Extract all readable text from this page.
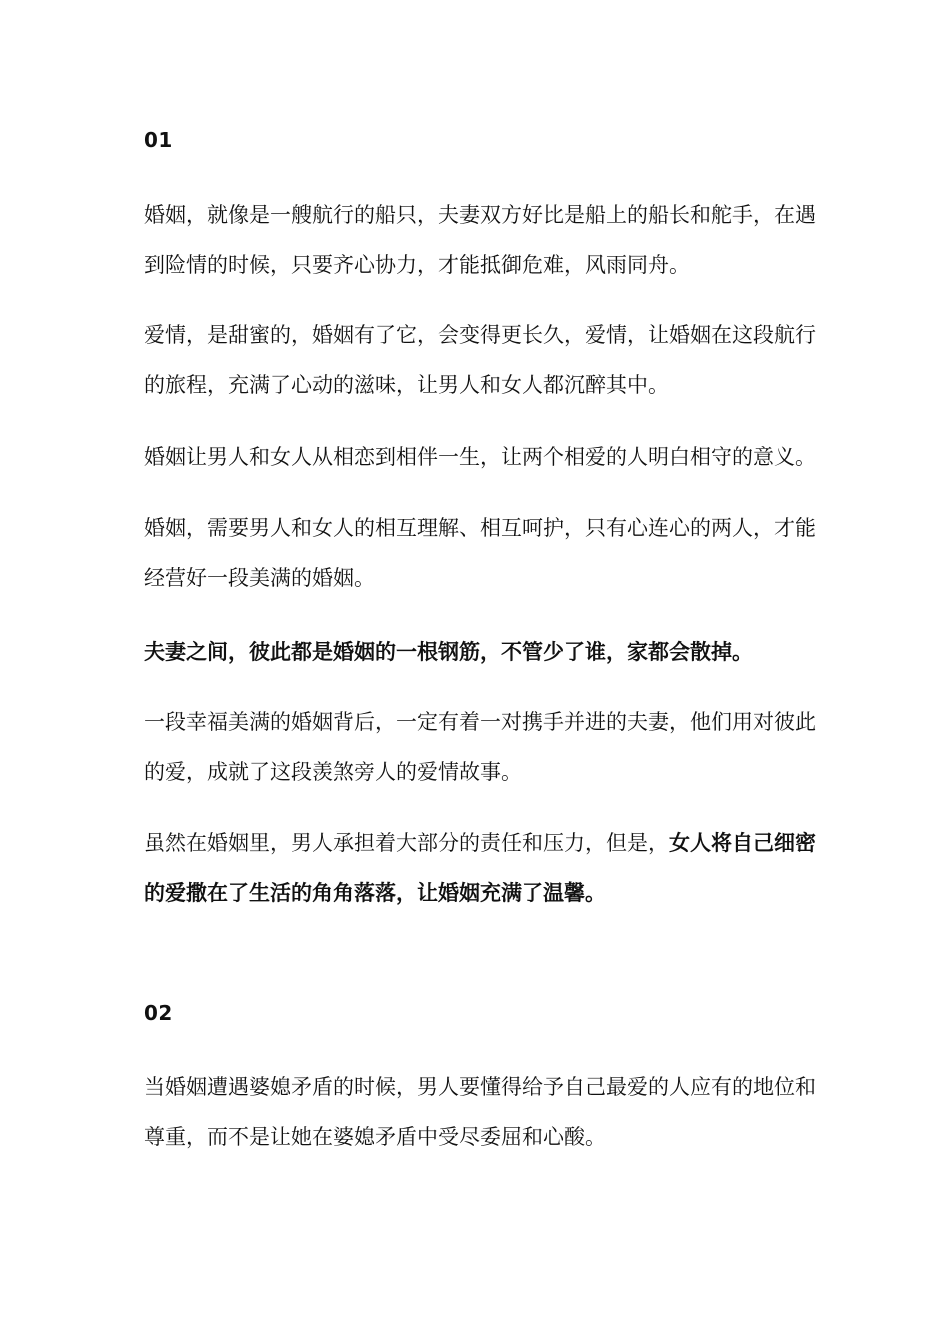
01

婚姻，就像是一艘航行的船只，夫妻双方好比是船上的船长和舵手，在遇到险情的时候，只要齐心协力，才能抵御危难，风雨同舟。

爱情，是甜蜜的，婚姻有了它，会变得更长久，爱情，让婚姻在这段航行的旅程，充满了心动的滋味，让男人和女人都沉醉其中。

婚姻让男人和女人从相恋到相伴一生，让两个相爱的人明白相守的意义。

婚姻，需要男人和女人的相互理解、相互呵护，只有心连心的两人，才能经营好一段美满的婚姻。

夫妻之间，彼此都是婚姻的一根钢筋，不管少了谁，家都会散掉。

一段幸福美满的婚姻背后，一定有着一对携手并进的夫妻，他们用对彼此的爱，成就了这段羡煞旁人的爱情故事。

虽然在婚姻里，男人承担着大部分的责任和压力，但是，女人将自己细密的爱撒在了生活的角角落落，让婚姻充满了温馨。

02

当婚姻遭遇婆媳矛盾的时候，男人要懂得给予自己最爱的人应有的地位和尊重，而不是让她在婆媳矛盾中受尽委屈和心酸。
